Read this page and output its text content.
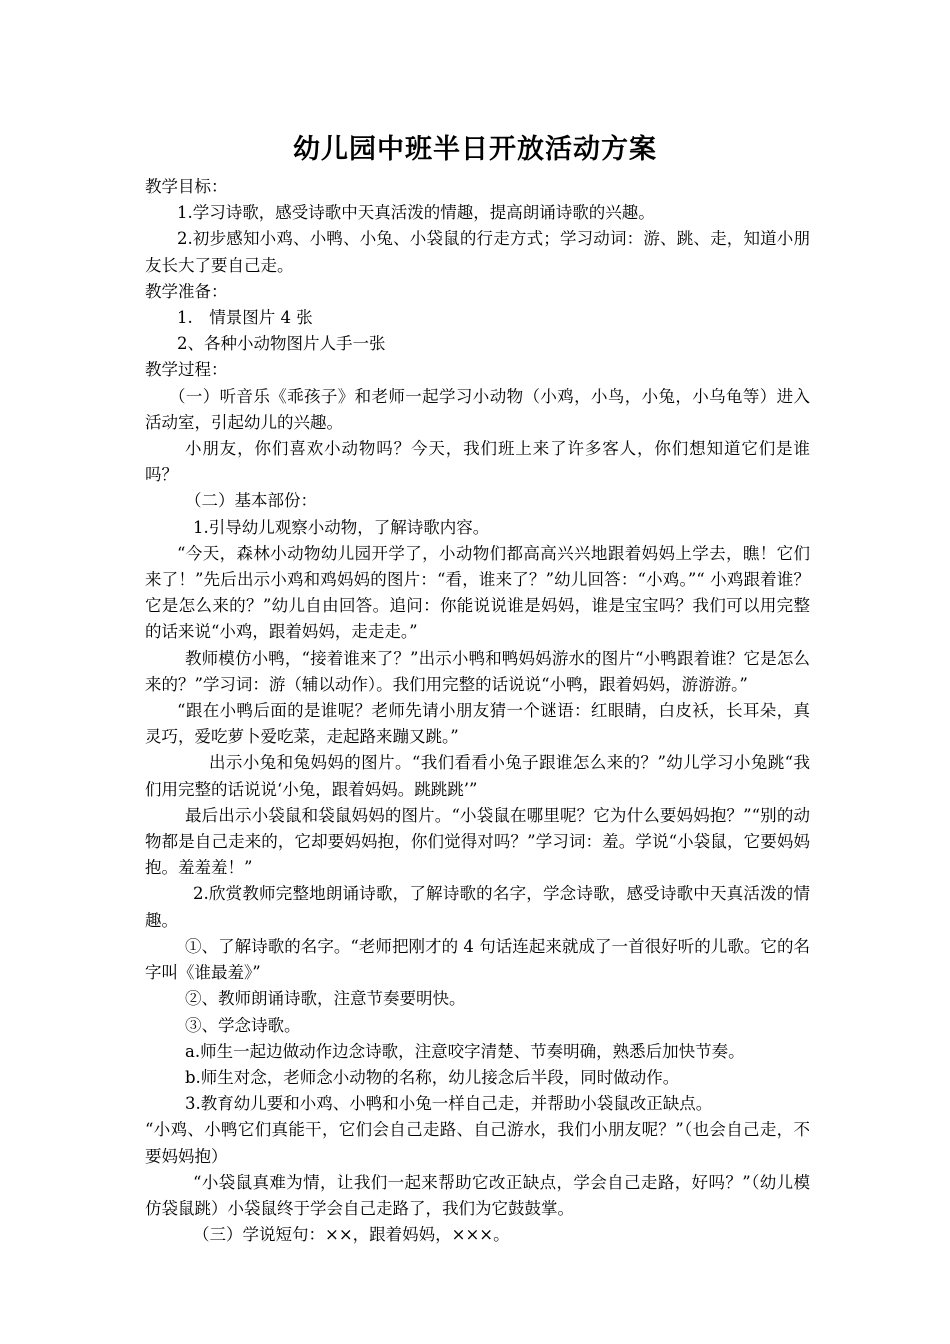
幼儿园中班半日开放活动方案

教学目标：

1.学习诗歌，感受诗歌中天真活泼的情趣，提高朗诵诗歌的兴趣。

2.初步感知小鸡、小鸭、小兔、小袋鼠的行走方式；学习动词：游、跳、走，知道小朋友长大了要自己走。

教学准备：

1.　情景图片 4 张

2、各种小动物图片人手一张

教学过程：

（一）听音乐《乖孩子》和老师一起学习小动物（小鸡，小鸟，小兔，小乌龟等）进入活动室，引起幼儿的兴趣。

小朋友，你们喜欢小动物吗？今天，我们班上来了许多客人，你们想知道它们是谁吗？

（二）基本部份：

1.引导幼儿观察小动物，了解诗歌内容。

“今天，森林小动物幼儿园开学了，小动物们都高高兴兴地跟着妈妈上学去，瞧！它们来了！”先后出示小鸡和鸡妈妈的图片：“看，谁来了？”幼儿回答：“小鸡。”“ 小鸡跟着谁？它是怎么来的？”幼儿自由回答。追问：你能说说谁是妈妈，谁是宝宝吗？我们可以用完整的话来说“小鸡，跟着妈妈，走走走。”

教师模仿小鸭，“接着谁来了？”出示小鸭和鸭妈妈游水的图片“小鸭跟着谁？它是怎么来的？”学习词：游（辅以动作）。我们用完整的话说说“小鸭，跟着妈妈，游游游。”

“跟在小鸭后面的是谁呢？老师先请小朋友猜一个谜语：红眼睛，白皮袄，长耳朵，真灵巧，爱吃萝卜爱吃菜，走起路来蹦又跳。”

出示小兔和兔妈妈的图片。“我们看看小兔子跟谁怎么来的？”幼儿学习小兔跳“我们用完整的话说说‘小兔，跟着妈妈。跳跳跳’”

最后出示小袋鼠和袋鼠妈妈的图片。“小袋鼠在哪里呢？它为什么要妈妈抱？”“别的动物都是自己走来的，它却要妈妈抱，你们觉得对吗？”学习词：羞。学说“小袋鼠，它要妈妈抱。羞羞羞！”

2.欣赏教师完整地朗诵诗歌，了解诗歌的名字，学念诗歌，感受诗歌中天真活泼的情趣。

①、了解诗歌的名字。“老师把刚才的 4 句话连起来就成了一首很好听的儿歌。它的名字叫《谁最羞》”

②、教师朗诵诗歌，注意节奏要明快。

③、学念诗歌。

a.师生一起边做动作边念诗歌，注意咬字清楚、节奏明确，熟悉后加快节奏。

b.师生对念，老师念小动物的名称，幼儿接念后半段，同时做动作。

3.教育幼儿要和小鸡、小鸭和小兔一样自己走，并帮助小袋鼠改正缺点。

“小鸡、小鸭它们真能干，它们会自己走路、自己游水，我们小朋友呢？”（也会自己走，不要妈妈抱）

“小袋鼠真难为情，让我们一起来帮助它改正缺点，学会自己走路，好吗？”（幼儿模仿袋鼠跳）小袋鼠终于学会自己走路了，我们为它鼓鼓掌。

（三）学说短句：××，跟着妈妈，×××。
